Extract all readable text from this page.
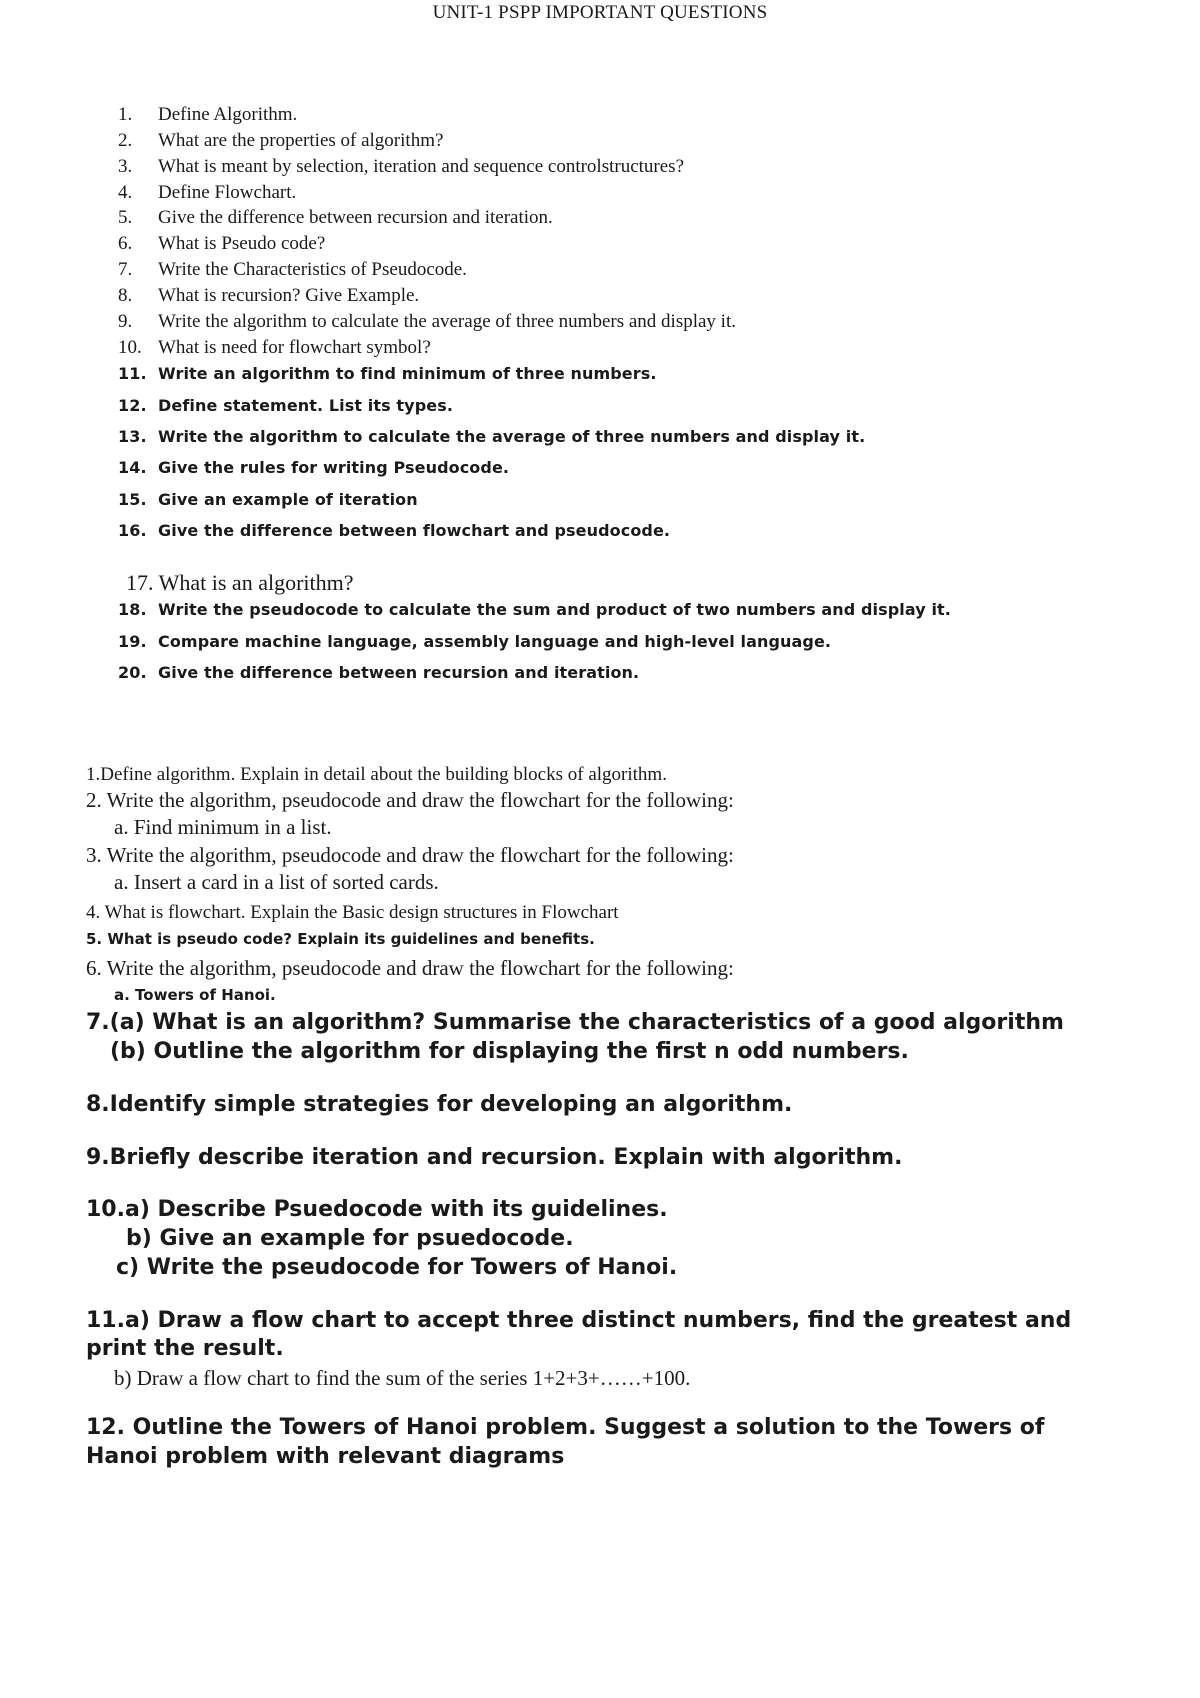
UNIT-1 PSPP IMPORTANT QUESTIONS
1. Define Algorithm.
2. What are the properties of algorithm?
3. What is meant by selection, iteration and sequence controlstructures?
4. Define Flowchart.
5. Give the difference between recursion and iteration.
6. What is Pseudo code?
7. Write the Characteristics of Pseudocode.
8. What is recursion? Give Example.
9. Write the algorithm to calculate the average of three numbers and display it.
10. What is need for flowchart symbol?
11. Write an algorithm to find minimum of three numbers.
12. Define statement. List its types.
13. Write the algorithm to calculate the average of three numbers and display it.
14. Give the rules for writing Pseudocode.
15. Give an example of iteration
16. Give the difference between flowchart and pseudocode.
17. What is an algorithm?
18. Write the pseudocode to calculate the sum and product of two numbers and display it.
19. Compare machine language, assembly language and high-level language.
20. Give the difference between recursion and iteration.
1.Define algorithm. Explain in detail about the building blocks of algorithm.
2. Write the algorithm, pseudocode and draw the flowchart for the following:
a. Find minimum in a list.
3. Write the algorithm, pseudocode and draw the flowchart for the following:
a. Insert a card in a list of sorted cards.
4. What is flowchart. Explain the Basic design structures in Flowchart
5. What is pseudo code? Explain its guidelines and benefits.
6. Write the algorithm, pseudocode and draw the flowchart for the following:
a. Towers of Hanoi.
7.(a) What is an algorithm? Summarise the characteristics of a good algorithm
(b) Outline the algorithm for displaying the first n odd numbers.
8.Identify simple strategies for developing an algorithm.
9.Briefly describe iteration and recursion. Explain with algorithm.
10.a) Describe Psuedocode with its guidelines.
b) Give an example for psuedocode.
c) Write the pseudocode for Towers of Hanoi.
11.a) Draw a flow chart to accept three distinct numbers, find the greatest and
print the result.
b) Draw a flow chart to find the sum of the series 1+2+3+……+100.
12. Outline the Towers of Hanoi problem. Suggest a solution to the Towers of
Hanoi problem with relevant diagrams
